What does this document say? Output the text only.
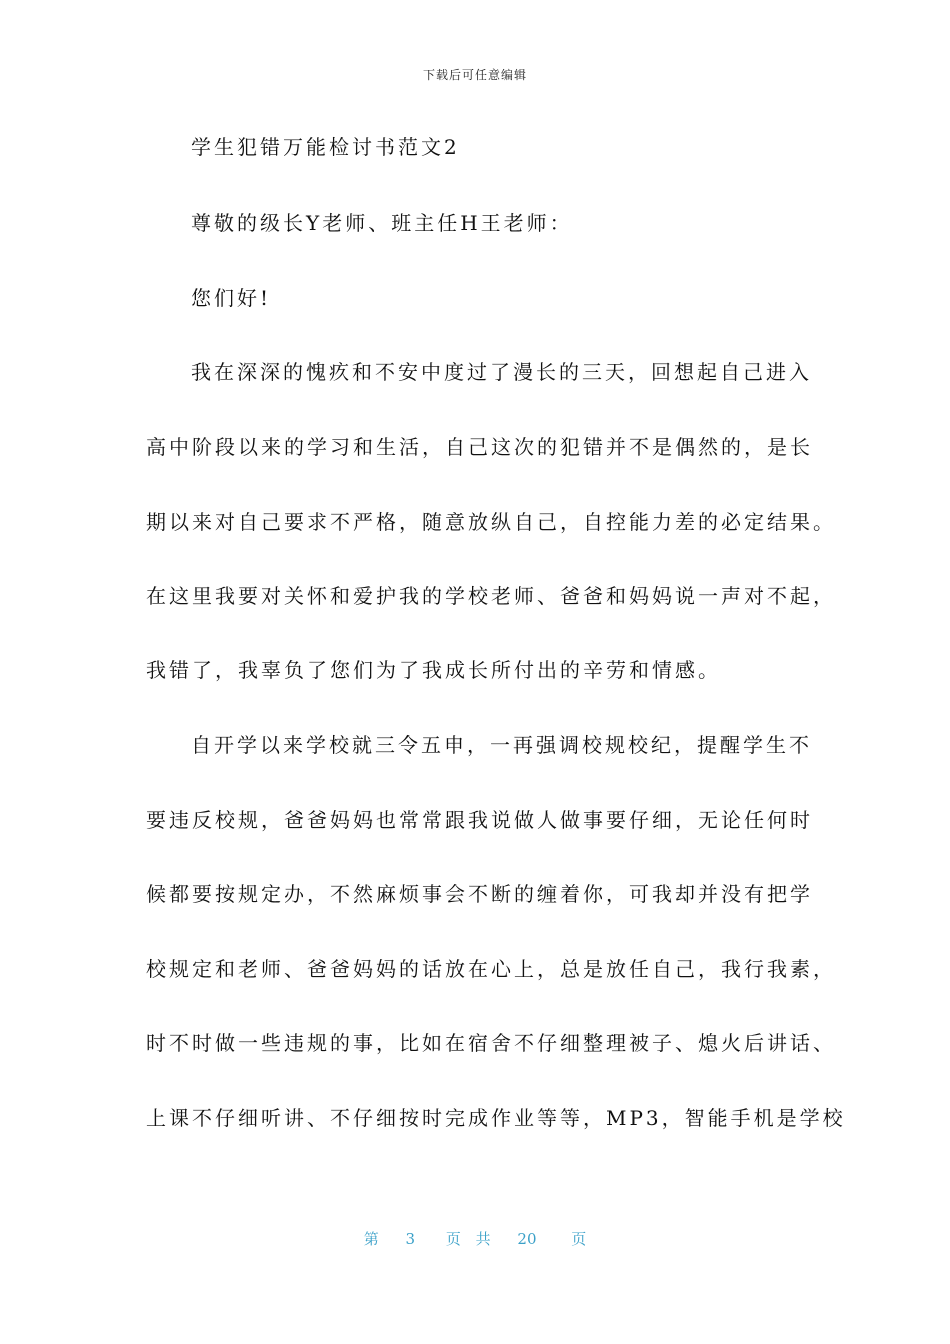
下载后可任意编辑
学生犯错万能检讨书范文2
尊敬的级长Y老师、班主任H王老师：
您们好!
我在深深的愧疚和不安中度过了漫长的三天，回想起自己进入
高中阶段以来的学习和生活，自己这次的犯错并不是偶然的，是长
期以来对自己要求不严格，随意放纵自己，自控能力差的必定结果。
在这里我要对关怀和爱护我的学校老师、爸爸和妈妈说一声对不起，
我错了，我辜负了您们为了我成长所付出的辛劳和情感。
自开学以来学校就三令五申，一再强调校规校纪，提醒学生不
要违反校规，爸爸妈妈也常常跟我说做人做事要仔细，无论任何时
候都要按规定办，不然麻烦事会不断的缠着你，可我却并没有把学
校规定和老师、爸爸妈妈的话放在心上，总是放任自己，我行我素，
时不时做一些违规的事，比如在宿舍不仔细整理被子、熄火后讲话、
上课不仔细听讲、不仔细按时完成作业等等，MP3，智能手机是学校
第 3 页 共 20 页
